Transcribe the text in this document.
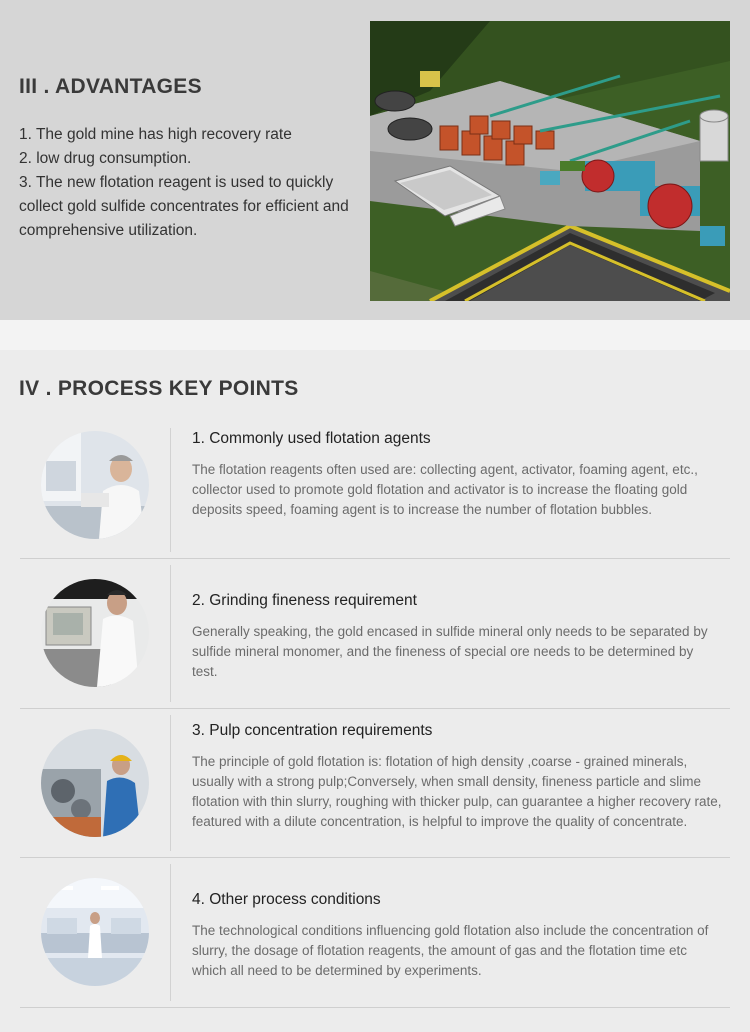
III . ADVANTAGES
1. The gold mine has high recovery rate
2. low drug consumption.
3. The new flotation reagent is used to quickly collect gold sulfide concentrates for efficient and comprehensive utilization.
IV . PROCESS KEY POINTS
1. Commonly used flotation agents

The flotation reagents often used are: collecting agent, activator, foaming agent, etc., collector used to promote gold flotation and activator is to increase the floating gold deposits speed, foaming agent is to increase the number of flotation bubbles.

2. Grinding fineness requirement

Generally speaking, the gold encased in sulfide mineral only needs to be separated by sulfide mineral monomer, and the fineness of special ore needs to be determined by test.

3. Pulp concentration requirements

The principle of gold flotation is: flotation of high density ,coarse - grained minerals, usually with a strong pulp;Conversely, when small density, fineness particle and slime flotation with thin slurry, roughing with thicker pulp, can guarantee a higher recovery rate, featured with a dilute concentration, is helpful to improve the quality of concentrate.

4. Other process conditions

The technological conditions influencing gold flotation also include the concentration of slurry, the dosage of flotation reagents, the amount of gas and the flotation time etc which all need to be determined by experiments.
